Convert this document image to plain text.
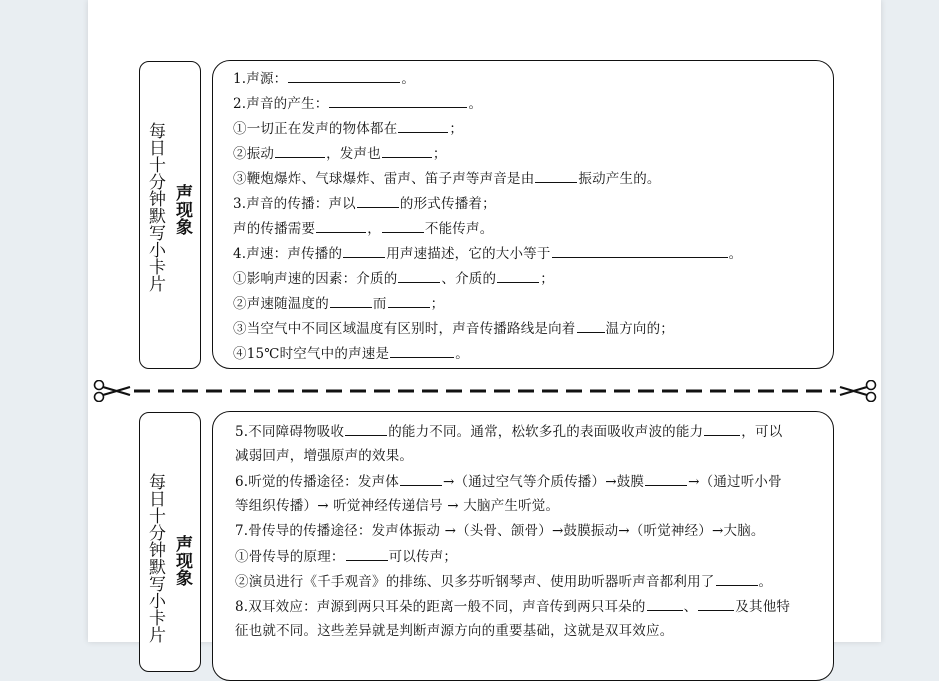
每日十分钟默写小卡片 声现象
1.声源：	。
2.声音的产生：	。
①一切正在发声的物体都在	；
②振动	，发声也	；
③鞭炮爆炸、气球爆炸、雷声、笛子声等声音是由	振动产生的。
3.声音的传播：声以	的形式传播着；
声的传播需要	，	不能传声。
4.声速：声传播的	用声速描述，它的大小等于	。
①影响声速的因素：介质的	、介质的	；
②声速随温度的	而	；
③当空气中不同区域温度有区别时，声音传播路线是向着 温方向的；
④15℃时空气中的声速是	。
每日十分钟默写小卡片 声现象
5.不同障碍物吸收	的能力不同。通常，松软多孔的表面吸收声波的能力	，可以
减弱回声，增强原声的效果。
6.听觉的传播途径：发声体	→（通过空气等介质传播）→鼓膜	→（通过听小骨
等组织传播）→ 听觉神经传递信号 → 大脑产生听觉。
7.骨传导的传播途径：发声体振动 →（头骨、颌骨）→鼓膜振动→（听觉神经）→大脑。
①骨传导的原理：	可以传声；
②演员进行《千手观音》的排练、贝多芬听钢琴声、使用助听器听声音都利用了	。
8.双耳效应：声源到两只耳朵的距离一般不同，声音传到两只耳朵的	、	及其他特
征也就不同。这些差异就是判断声源方向的重要基础，这就是双耳效应。
